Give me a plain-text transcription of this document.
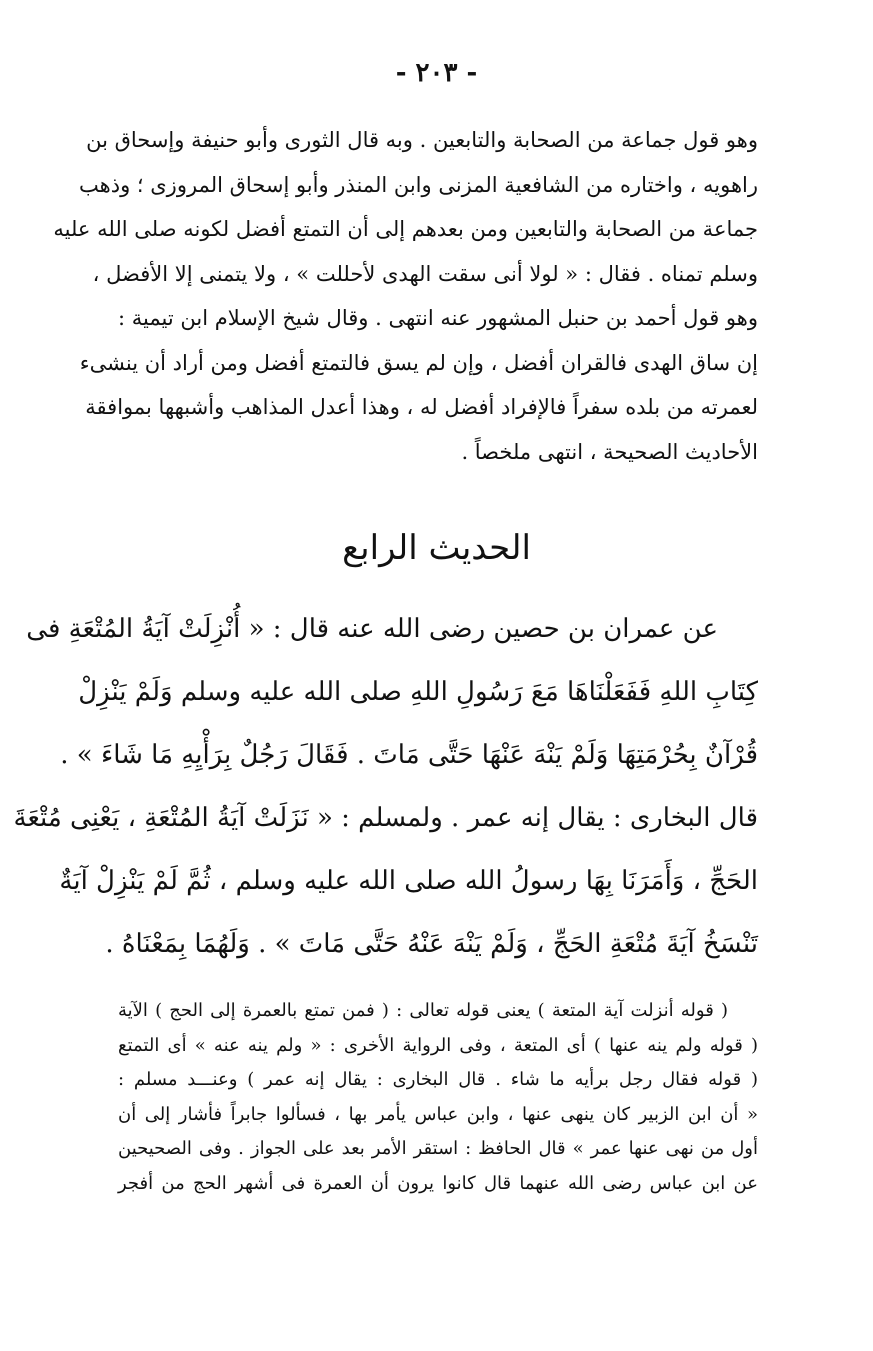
- ٢٠٣ -
وهو قول جماعة من الصحابة والتابعين . وبه قال الثورى وأبو حنيفة وإسحاق بن
راهويه ، واختاره من الشافعية المزنى وابن المنذر وأبو إسحاق المروزى ؛ وذهب
جماعة من الصحابة والتابعين ومن بعدهم إلى أن التمتع أفضل لكونه صلى الله عليه
وسلم تمناه . فقال : « لولا أنى سقت الهدى لأحللت » ، ولا يتمنى إلا الأفضل ،
وهو قول أحمد بن حنبل المشهور عنه انتهى . وقال شيخ الإسلام ابن تيمية :
إن ساق الهدى فالقران أفضل ، وإن لم يسق فالتمتع أفضل ومن أراد أن ينشىء
لعمرته من بلده سفراً فالإفراد أفضل له ، وهذا أعدل المذاهب وأشبهها بموافقة
الأحاديث الصحيحة ، انتهى ملخصاً .
الحديث الرابع
عن عمران بن حصين رضى الله عنه قال : « أُنْزِلَتْ آيَةُ المُتْعَةِ فى
كِتَابِ اللهِ فَفَعَلْنَاهَا مَعَ رَسُولِ اللهِ صلى الله عليه وسلم وَلَمْ يَنْزِلْ
قُرْآنٌ بِحُرْمَتِهَا وَلَمْ يَنْهَ عَنْهَا حَتَّى مَاتَ . فَقَالَ رَجُلٌ بِرَأْيِهِ مَا شَاءَ » .
قال البخارى : يقال إنه عمر . ولمسلم : « نَزَلَتْ آيَةُ المُتْعَةِ ، يَعْنِى مُتْعَةَ
الحَجِّ ، وَأَمَرَنَا بِهَا رسولُ الله صلى الله عليه وسلم ، ثُمَّ لَمْ يَنْزِلْ آيَةٌ
تَنْسَخُ آيَةَ مُتْعَةِ الحَجِّ ، وَلَمْ يَنْهَ عَنْهُ حَتَّى مَاتَ » . وَلَهُمَا بِمَعْنَاهُ .
( قوله أنزلت آية المتعة ) يعنى قوله تعالى : ( فمن تمتع بالعمرة إلى الحج ) الآية
( قوله ولم ينه عنها ) أى المتعة ، وفى الرواية الأخرى : « ولم ينه عنه » أى التمتع
( قوله فقال رجل برأيه ما شاء . قال البخارى : يقال إنه عمر ) وعنـــد مسلم :
« أن ابن الزبير كان ينهى عنها ، وابن عباس يأمر بها ، فسألوا جابراً فأشار إلى أن
أول من نهى عنها عمر » قال الحافظ : استقر الأمر بعد على الجواز . وفى الصحيحين
عن ابن عباس رضى الله عنهما قال كانوا يرون أن العمرة فى أشهر الحج من أفجر
